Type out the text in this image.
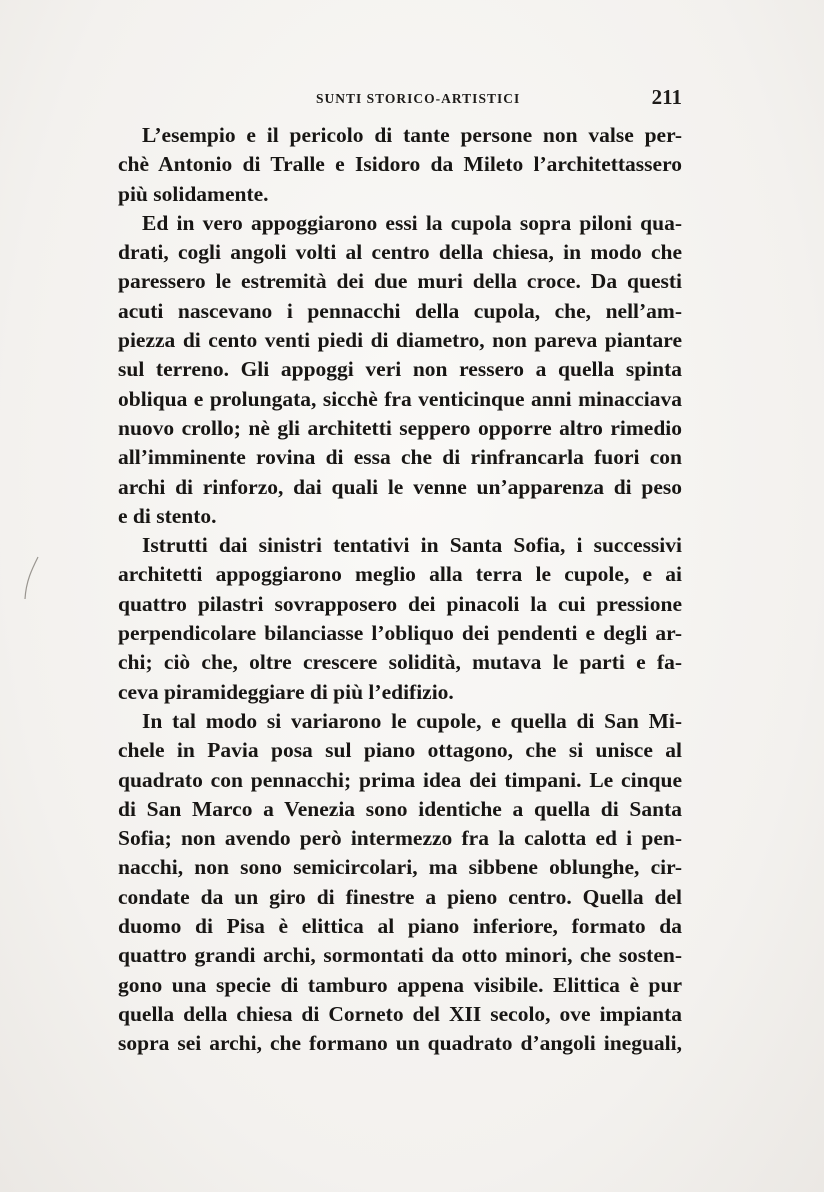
SUNTI STORICO-ARTISTICI	211
L’esempio e il pericolo di tante persone non valse per-
chè Antonio di Tralle e Isidoro da Mileto l’architettassero
più solidamente.
Ed in vero appoggiarono essi la cupola sopra piloni qua-
drati, cogli angoli volti al centro della chiesa, in modo che
paressero le estremità dei due muri della croce. Da questi
acuti nascevano i pennacchi della cupola, che, nell’am-
piezza di cento venti piedi di diametro, non pareva piantare
sul terreno. Gli appoggi veri non ressero a quella spinta
obliqua e prolungata, sicchè fra venticinque anni minacciava
nuovo crollo; nè gli architetti seppero opporre altro rimedio
all’imminente rovina di essa che di rinfrancarla fuori con
archi di rinforzo, dai quali le venne un’apparenza di peso
e di stento.
Istrutti dai sinistri tentativi in Santa Sofia, i successivi
architetti appoggiarono meglio alla terra le cupole, e ai
quattro pilastri sovrapposero dei pinacoli la cui pressione
perpendicolare bilanciasse l’obliquo dei pendenti e degli ar-
chi; ciò che, oltre crescere solidità, mutava le parti e fa-
ceva piramideggiare di più l’edifizio.
In tal modo si variarono le cupole, e quella di San Mi-
chele in Pavia posa sul piano ottagono, che si unisce al
quadrato con pennacchi; prima idea dei timpani. Le cinque
di San Marco a Venezia sono identiche a quella di Santa
Sofia; non avendo però intermezzo fra la calotta ed i pen-
nacchi, non sono semicircolari, ma sibbene oblunghe, cir-
condate da un giro di finestre a pieno centro. Quella del
duomo di Pisa è elittica al piano inferiore, formato da
quattro grandi archi, sormontati da otto minori, che sosten-
gono una specie di tamburo appena visibile. Elittica è pur
quella della chiesa di Corneto del XII secolo, ove impianta
sopra sei archi, che formano un quadrato d’angoli ineguali,
